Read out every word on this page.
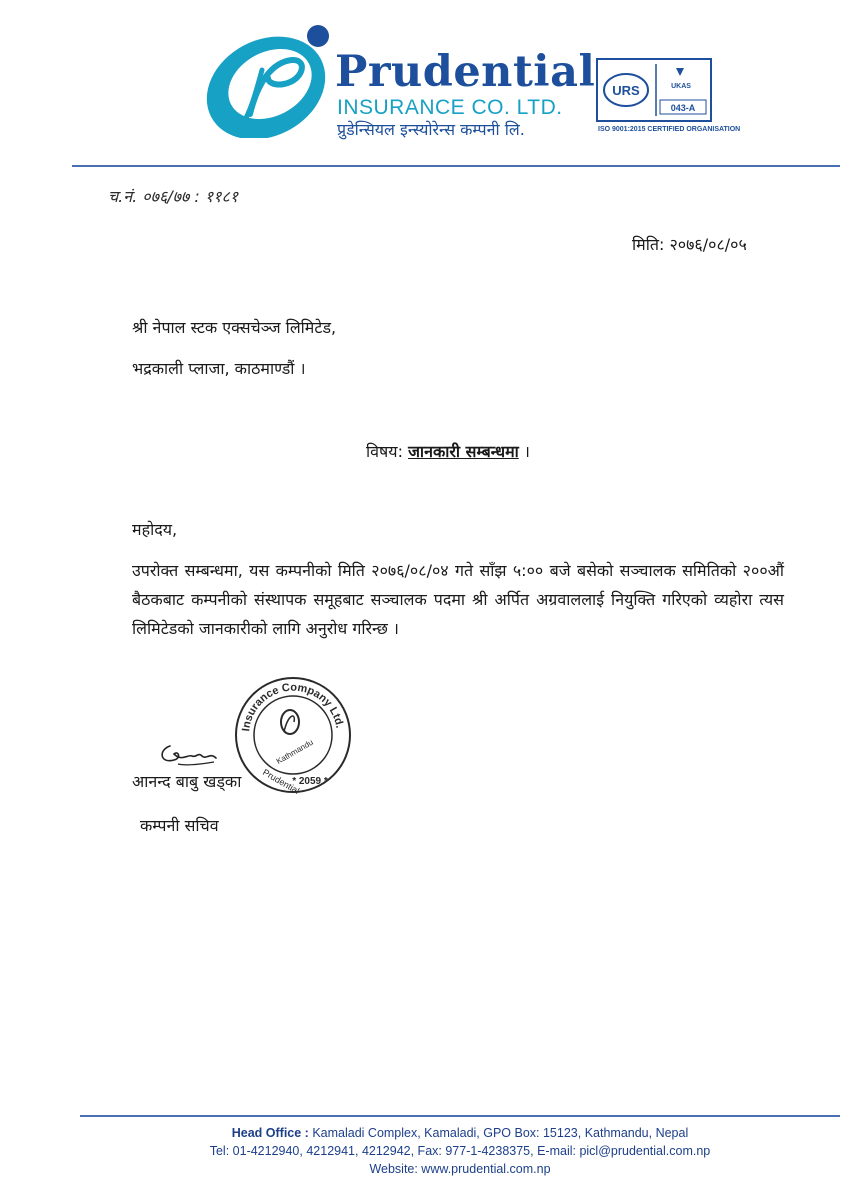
Prudential
INSURANCE CO. LTD.
प्रुडेन्सियल इन्स्योरेन्स कम्पनी लि.
URS	UKAS
043-A
ISO 9001:2015 CERTIFIED ORGANISATION
च.नं. ०७६/७७ : ११८१
मिति: २०७६/०८/०५
श्री नेपाल स्टक एक्सचेञ्ज लिमिटेड,
भद्रकाली प्लाजा, काठमाण्डौं ।
विषय: जानकारी सम्बन्धमा ।
महोदय,
उपरोक्त सम्बन्धमा, यस कम्पनीको मिति २०७६/०८/०४ गते साँझ ५:०० बजे बसेको सञ्चालक समितिको २००औं बैठकबाट कम्पनीको संस्थापक समूहबाट सञ्चालक पदमा श्री अर्पित अग्रवाललाई नियुक्ति गरिएको व्यहोरा त्यस लिमिटेडको जानकारीको लागि अनुरोध गरिन्छ ।
Insurance Company Ltd.
Prudential
Kathmandu
* 2059 *
आनन्द बाबु खड्का
कम्पनी सचिव
Head Office : Kamaladi Complex, Kamaladi, GPO Box: 15123, Kathmandu, Nepal
Tel: 01-4212940, 4212941, 4212942, Fax: 977-1-4238375, E-mail: picl@prudential.com.np
Website: www.prudential.com.np
